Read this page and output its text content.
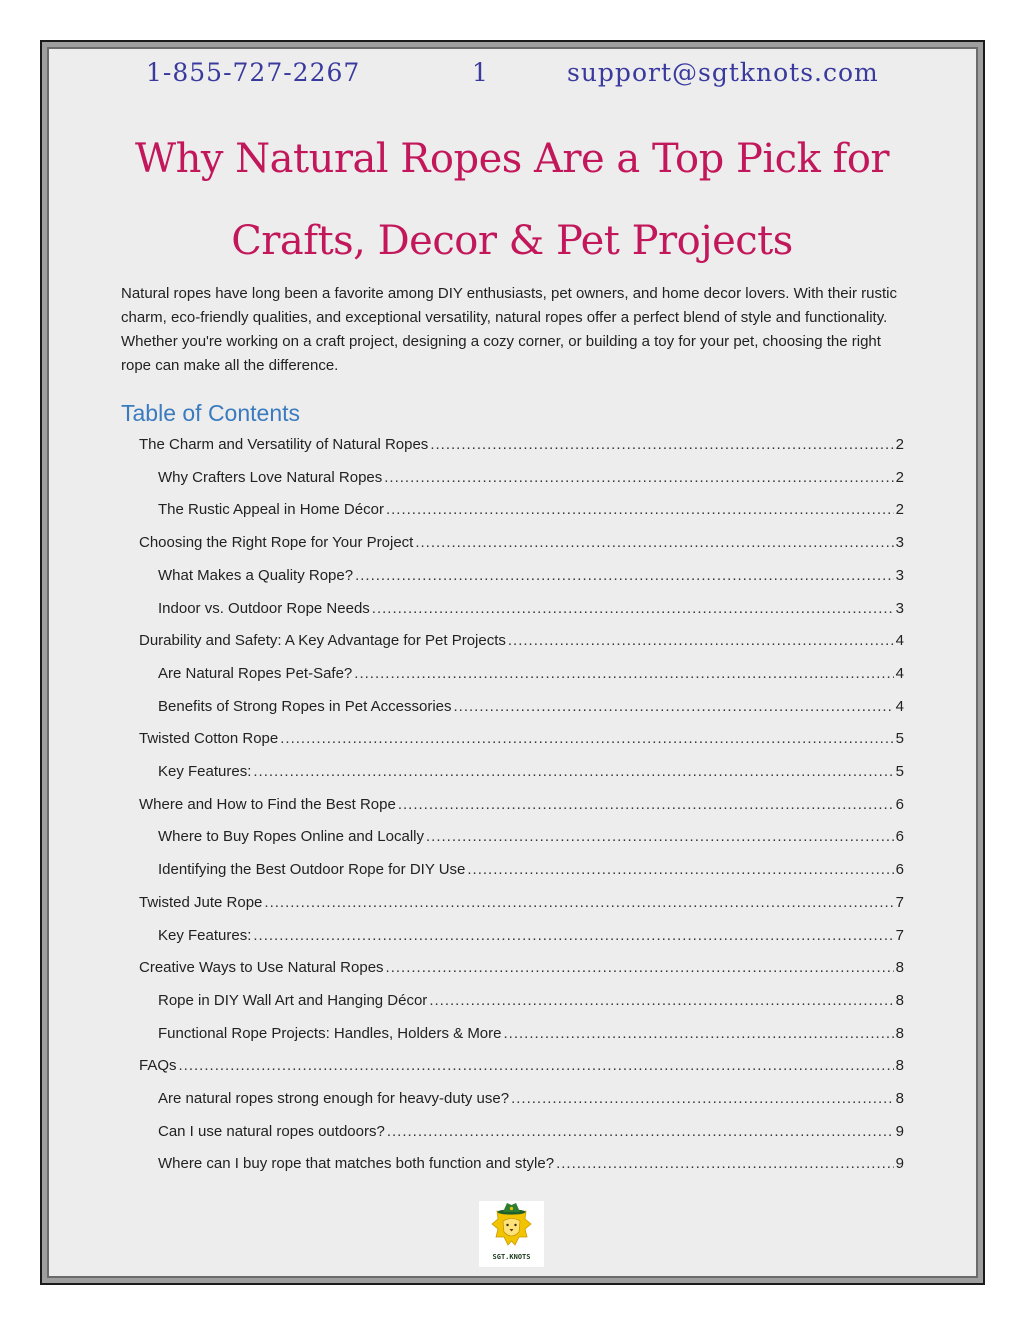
1-855-727-2267	1	support@sgtknots.com
Why Natural Ropes Are a Top Pick for
Crafts, Decor & Pet Projects

Natural ropes have long been a favorite among DIY enthusiasts, pet owners, and home decor lovers. With their rustic charm, eco-friendly qualities, and exceptional versatility, natural ropes offer a perfect blend of style and functionality. Whether you're working on a craft project, designing a cozy corner, or building a toy for your pet, choosing the right rope can make all the difference.

Table of Contents
The Charm and Versatility of Natural Ropes .....	2
Why Crafters Love Natural Ropes .....	2
The Rustic Appeal in Home Décor .....	2
Choosing the Right Rope for Your Project .....	3
What Makes a Quality Rope? .....	3
Indoor vs. Outdoor Rope Needs .....	3
Durability and Safety: A Key Advantage for Pet Projects .....	4
Are Natural Ropes Pet-Safe? .....	4
Benefits of Strong Ropes in Pet Accessories .....	4
Twisted Cotton Rope .....	5
Key Features: .....	5
Where and How to Find the Best Rope .....	6
Where to Buy Ropes Online and Locally .....	6
Identifying the Best Outdoor Rope for DIY Use .....	6
Twisted Jute Rope .....	7
Key Features: .....	7
Creative Ways to Use Natural Ropes .....	8
Rope in DIY Wall Art and Hanging Décor .....	8
Functional Rope Projects: Handles, Holders & More .....	8
FAQs .....	8
Are natural ropes strong enough for heavy-duty use? .....	8
Can I use natural ropes outdoors? .....	9
Where can I buy rope that matches both function and style? .....	9
SGT.KNOTS
